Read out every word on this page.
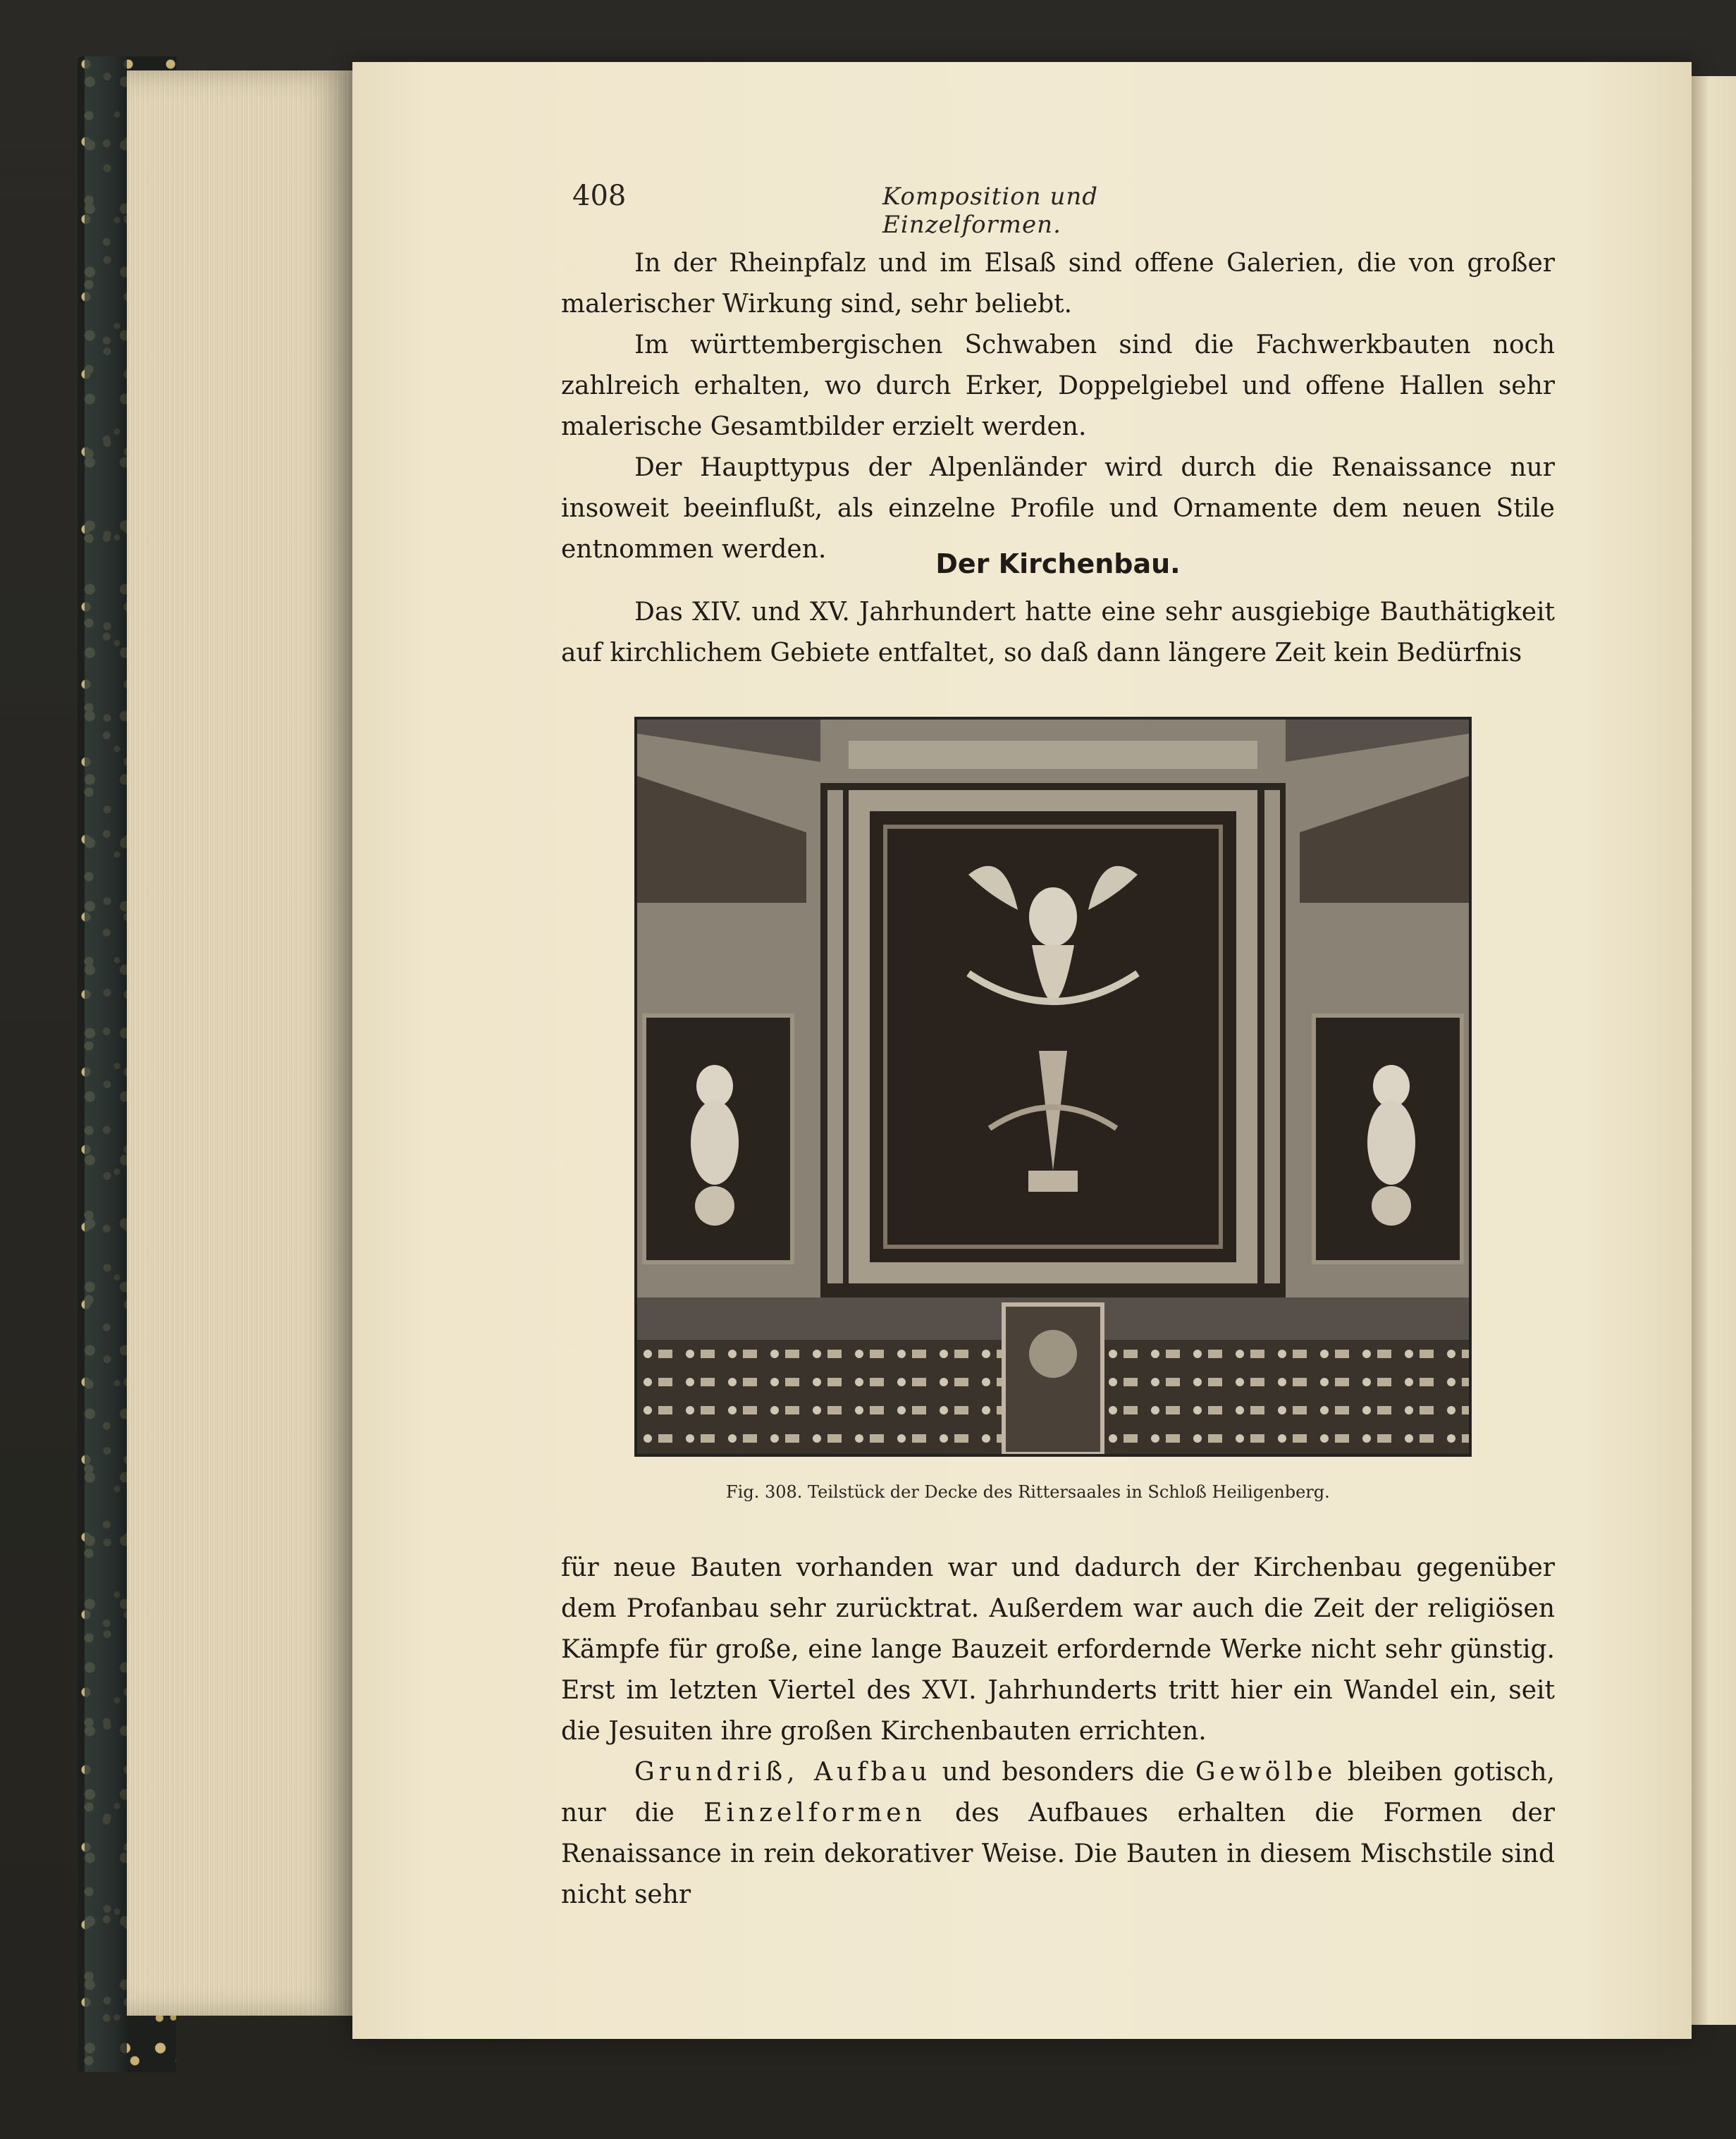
408	Komposition und Einzelformen.

In der Rheinpfalz und im Elsaß sind offene Galerien, die von großer malerischer Wirkung sind, sehr beliebt.

Im württembergischen Schwaben sind die Fachwerkbauten noch zahlreich erhalten, wo durch Erker, Doppelgiebel und offene Hallen sehr malerische Gesamtbilder erzielt werden.

Der Haupttypus der Alpenländer wird durch die Renaissance nur insoweit beeinflußt, als einzelne Profile und Ornamente dem neuen Stile entnommen werden.	Der Kirchenbau.

Das XIV. und XV. Jahrhundert hatte eine sehr ausgiebige Bauthätigkeit auf kirchlichem Gebiete entfaltet, so daß dann längere Zeit kein Bedürfnis

Fig. 308. Teilstück der Decke des Rittersaales in Schloß Heiligenberg.

für neue Bauten vorhanden war und dadurch der Kirchenbau gegenüber dem Profanbau sehr zurücktrat. Außerdem war auch die Zeit der religiösen Kämpfe für große, eine lange Bauzeit erfordernde Werke nicht sehr günstig. Erst im letzten Viertel des XVI. Jahrhunderts tritt hier ein Wandel ein, seit die Jesuiten ihre großen Kirchenbauten errichten.

Grundriß, Aufbau und besonders die Gewölbe bleiben gotisch, nur die Einzelformen des Aufbaues erhalten die Formen der Renaissance in rein dekorativer Weise. Die Bauten in diesem Mischstile sind nicht sehr
